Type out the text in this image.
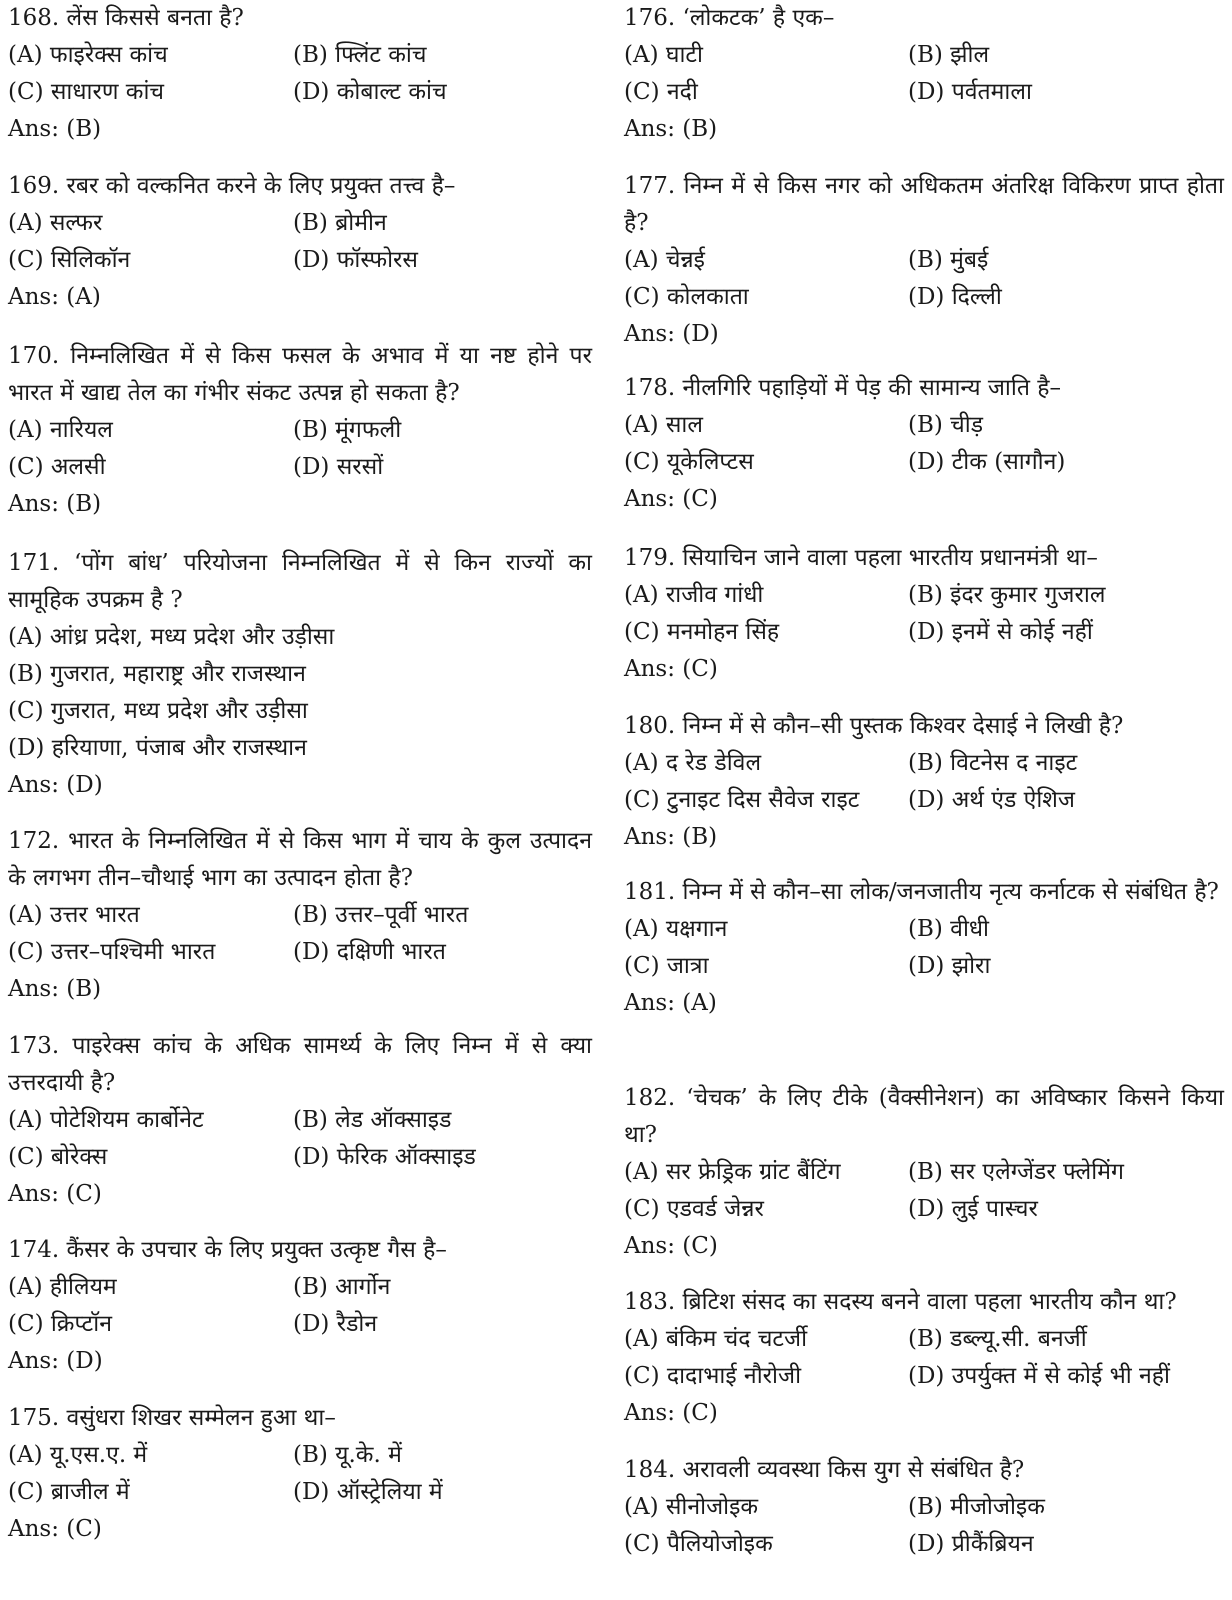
168. लेंस किससे बनता है?
(A) फाइरेक्स कांच	(B) फ्लिंट कांच
(C) साधारण कांच	(D) कोबाल्ट कांच
Ans: (B)
169. रबर को वल्कनित करने के लिए प्रयुक्त तत्त्व है–
(A) सल्फर	(B) ब्रोमीन
(C) सिलिकॉन	(D) फॉस्फोरस
Ans: (A)
170. निम्नलिखित में से किस फसल के अभाव में या नष्ट होने पर भारत में खाद्य तेल का गंभीर संकट उत्पन्न हो सकता है?
(A) नारियल	(B) मूंगफली
(C) अलसी	(D) सरसों
Ans: (B)
171. ‘पोंग बांध’ परियोजना निम्नलिखित में से किन राज्यों का सामूहिक उपक्रम है ?
(A) आंध्र प्रदेश, मध्य प्रदेश और उड़ीसा
(B) गुजरात, महाराष्ट्र और राजस्थान
(C) गुजरात, मध्य प्रदेश और उड़ीसा
(D) हरियाणा, पंजाब और राजस्थान
Ans: (D)
172. भारत के निम्नलिखित में से किस भाग में चाय के कुल उत्पादन के लगभग तीन–चौथाई भाग का उत्पादन होता है?
(A) उत्तर भारत	(B) उत्तर–पूर्वी भारत
(C) उत्तर–पश्चिमी भारत	(D) दक्षिणी भारत
Ans: (B)
173. पाइरेक्स कांच के अधिक सामर्थ्य के लिए निम्न में से क्या उत्तरदायी है?
(A) पोटेशियम कार्बोनेट	(B) लेड ऑक्साइड
(C) बोरेक्स	(D) फेरिक ऑक्साइड
Ans: (C)
174. कैंसर के उपचार के लिए प्रयुक्त उत्कृष्ट गैस है–
(A) हीलियम	(B) आर्गोन
(C) क्रिप्टॉन	(D) रैडोन
Ans: (D)
175. वसुंधरा शिखर सम्मेलन हुआ था–
(A) यू.एस.ए. में	(B) यू.के. में
(C) ब्राजील में	(D) ऑस्ट्रेलिया में
Ans: (C)
176. ‘लोकटक’ है एक–
(A) घाटी	(B) झील
(C) नदी	(D) पर्वतमाला
Ans: (B)
177. निम्न में से किस नगर को अधिकतम अंतरिक्ष विकिरण प्राप्त होता है?
(A) चेन्नई	(B) मुंबई
(C) कोलकाता	(D) दिल्ली
Ans: (D)
178. नीलगिरि पहाड़ियों में पेड़ की सामान्य जाति है–
(A) साल	(B) चीड़
(C) यूकेलिप्टस	(D) टीक (सागौन)
Ans: (C)
179. सियाचिन जाने वाला पहला भारतीय प्रधानमंत्री था–
(A) राजीव गांधी	(B) इंदर कुमार गुजराल
(C) मनमोहन सिंह	(D) इनमें से कोई नहीं
Ans: (C)
180. निम्न में से कौन–सी पुस्तक किश्वर देसाई ने लिखी है?
(A) द रेड डेविल	(B) विटनेस द नाइट
(C) टुनाइट दिस सैवेज राइट	(D) अर्थ एंड ऐशिज
Ans: (B)
181. निम्न में से कौन–सा लोक/जनजातीय नृत्य कर्नाटक से संबंधित है?
(A) यक्षगान	(B) वीधी
(C) जात्रा	(D) झोरा
Ans: (A)
182. ‘चेचक’ के लिए टीके (वैक्सीनेशन) का अविष्कार किसने किया था?
(A) सर फ्रेड्रिक ग्रांट बैंटिंग	(B) सर एलेग्जेंडर फ्लेमिंग
(C) एडवर्ड जेन्नर	(D) लुई पास्चर
Ans: (C)
183. ब्रिटिश संसद का सदस्य बनने वाला पहला भारतीय कौन था?
(A) बंकिम चंद चटर्जी	(B) डब्ल्यू.सी. बनर्जी
(C) दादाभाई नौरोजी	(D) उपर्युक्त में से कोई भी नहीं
Ans: (C)
184. अरावली व्यवस्था किस युग से संबंधित है?
(A) सीनोजोइक	(B) मीजोजोइक
(C) पैलियोजोइक	(D) प्रीकैंब्रियन
